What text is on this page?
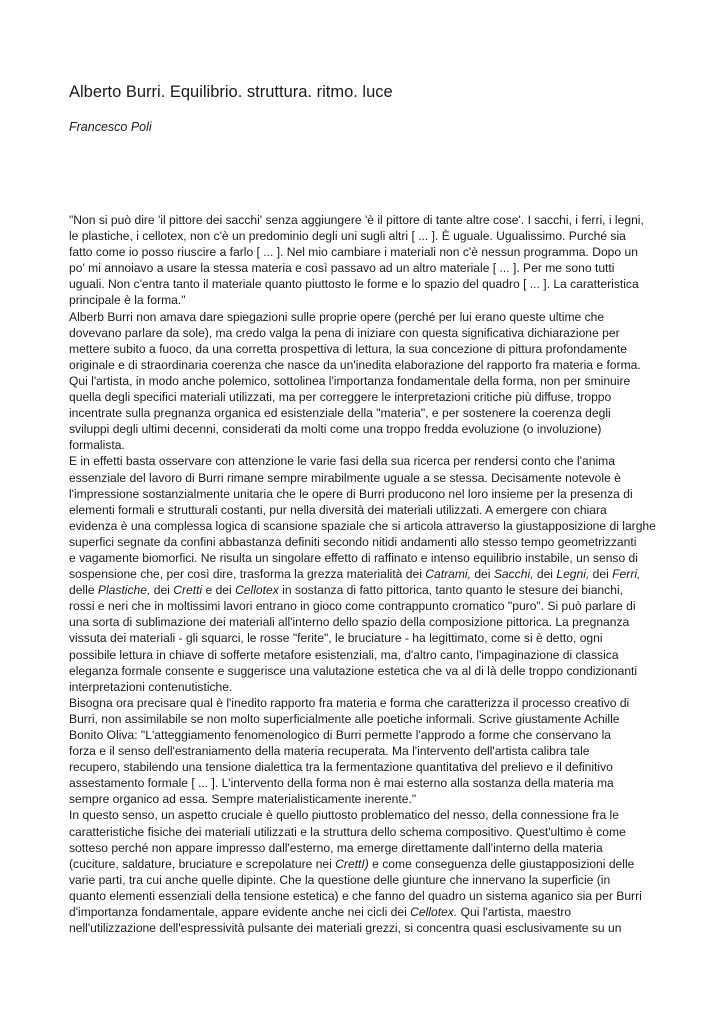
Alberto Burri. Equilibrio. struttura. ritmo. luce

Francesco Poli

"Non si può dire 'il pittore dei sacchi' senza aggiungere 'è il pittore di tante altre cose'. I sacchi, i ferri, i legni,
le plastiche, i cellotex, non c'è un predominio degli uni sugli altri [ ... ]. È uguale. Ugualissimo. Purché sia
fatto come io posso riuscire a farlo [ ... ]. Nel mio cambiare i materiali non c'è nessun programma. Dopo un
po' mi annoiavo a usare la stessa materia e così passavo ad un altro materiale [ ... ]. Per me sono tutti
uguali. Non c'entra tanto il materiale quanto piuttosto le forme e lo spazio del quadro [ ... ]. La caratteristica
principale è la forma."
Alberb Burri non amava dare spiegazioni sulle proprie opere (perché per lui erano queste ultime che
dovevano parlare da sole), ma credo valga la pena di iniziare con questa significativa dichiarazione per
mettere subito a fuoco, da una corretta prospettiva di lettura, la sua concezione di pittura profondamente
originale e di straordinaria coerenza che nasce da un'inedita elaborazione del rapporto fra materia e forma.
Qui l'artista, in modo anche polemico, sottolinea l'importanza fondamentale della forma, non per sminuire
quella degli specifici materiali utilizzati, ma per correggere le interpretazioni critiche più diffuse, troppo
incentrate sulla pregnanza organica ed esistenziale della "materia", e per sostenere la coerenza degli
sviluppi degli ultimi decenni, considerati da molti come una troppo fredda evoluzione (o involuzione)
formalista.
E in effetti basta osservare con attenzione le varie fasi della sua ricerca per rendersi conto che l'anima
essenziale del lavoro di Burri rimane sempre mirabilmente uguale a se stessa. Decisamente notevole è
l'impressione sostanzialmente unitaria che le opere di Burri producono nel loro insieme per la presenza di
elementi formali e strutturali costanti, pur nella diversità dei materiali utilizzati. A emergere con chiara
evidenza è una complessa logica di scansione spaziale che si articola attraverso la giustapposizione di larghe
superfici segnate da confini abbastanza definiti secondo nitidi andamenti allo stesso tempo geometrizzanti
e vagamente biomorfici. Ne risulta un singolare effetto di raffinato e intenso equilibrio instabile, un senso di
sospensione che, per così dire, trasforma la grezza materialità dei Catrami, dei Sacchi, dei Legni, dei Ferri,
delle Plastiche, dei Cretti e dei Cellotex in sostanza di fatto pittorica, tanto quanto le stesure dei bianchi,
rossi e neri che in moltissimi lavori entrano in gioco come contrappunto cromatico "puro". Si può parlare di
una sorta di sublimazione dei materiali all'interno dello spazio della composizione pittorica. La pregnanza
vissuta dei materiali - gli squarci, le rosse "ferite", le bruciature - ha legittimato, come si è detto, ogni
possibile lettura in chiave di sofferte metafore esistenziali, ma, d'altro canto, l'impaginazione di classica
eleganza formale consente e suggerisce una valutazione estetica che va al di là delle troppo condizionanti
interpretazioni contenutistiche.
Bisogna ora precisare qual è l'inedito rapporto fra materia e forma che caratterizza il processo creativo di
Burri, non assimilabile se non molto superficialmente alle poetiche informali. Scrive giustamente Achille
Bonito Oliva: "L'atteggiamento fenomenologico di Burri permette l'approdo a forme che conservano la
forza e il senso dell'estraniamento della materia recuperata. Ma l'intervento dell'artista calibra tale
recupero, stabilendo una tensione dialettica tra la fermentazione quantitativa del prelievo e il definitivo
assestamento formale [ ... ]. L'intervento della forma non è mai esterno alla sostanza della materia ma
sempre organico ad essa. Sempre materialisticamente inerente."
In questo senso, un aspetto cruciale è quello piuttosto problematico del nesso, della connessione fra le
caratteristiche fisiche dei materiali utilizzati e la struttura dello schema compositivo. Quest'ultimo è come
sotteso perché non appare impresso dall'esterno, ma emerge direttamente dall'interno della materia
(cuciture, saldature, bruciature e screpolature nei CrettI) e come conseguenza delle giustapposizioni delle
varie parti, tra cui anche quelle dipinte. Che la questione delle giunture che innervano la superficie (in
quanto elementi essenziali della tensione estetica) e che fanno del quadro un sistema aganico sia per Burri
d'importanza fondamentale, appare evidente anche nei cicli dei Cellotex. Qui l'artista, maestro
nell'utilizzazione dell'espressività pulsante dei materiali grezzi, si concentra quasi esclusivamente su un
